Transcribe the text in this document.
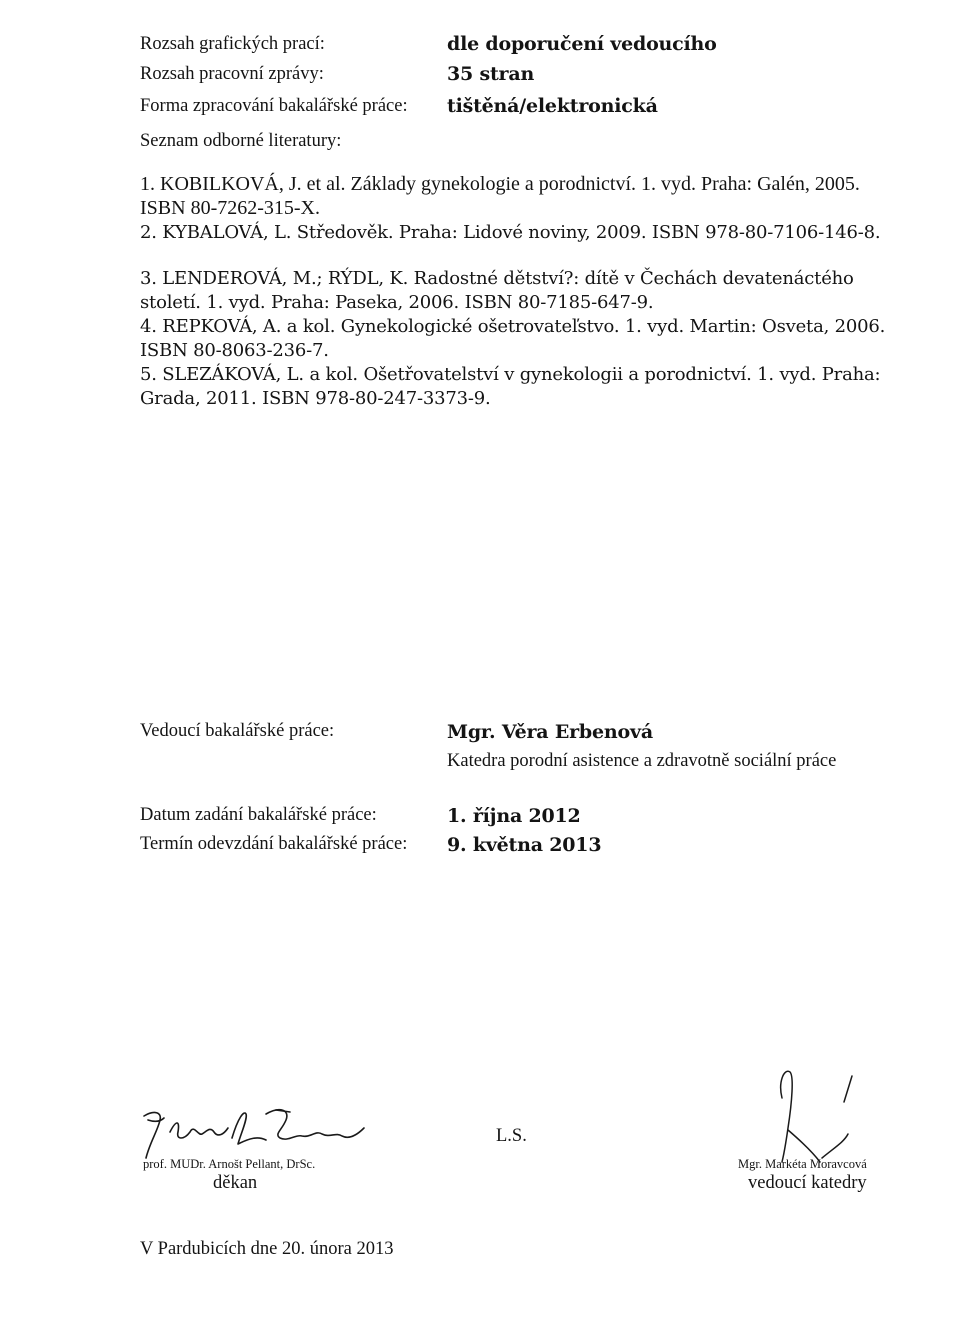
Rozsah grafických prací:	dle doporučení vedoucího
Rozsah pracovní zprávy:	35 stran
Forma zpracování bakalářské práce: tištěná/elektronická
Seznam odborné literatury:
1. KOBILKOVÁ, J. et al. Základy gynekologie a porodnictví. 1. vyd. Praha: Galén, 2005. ISBN 80-7262-315-X.
2. KYBALOVÁ, L. Středověk. Praha: Lidové noviny, 2009. ISBN 978-80-7106-146-8.
3. LENDEROVÁ, M.; RÝDL, K. Radostné dětství?: dítě v Čechách devatenáctého století. 1. vyd. Praha: Paseka, 2006. ISBN 80-7185-647-9.
4. REPKOVÁ, A. a kol. Gynekologické ošetrovateľstvo. 1. vyd. Martin: Osveta, 2006. ISBN 80-8063-236-7.
5. SLEZÁKOVÁ, L. a kol. Ošetřovatelství v gynekologii a porodnictví. 1. vyd. Praha: Grada, 2011. ISBN 978-80-247-3373-9.
Vedoucí bakalářské práce:	Mgr. Věra Erbenová
Katedra porodní asistence a zdravotně sociální práce
Datum zadání bakalářské práce:	1. října 2012
Termín odevzdání bakalářské práce: 9. května 2013
prof. MUDr. Arnošt Pellant, DrSc.
děkan
L.S.
Mgr. Markéta Moravcová
vedoucí katedry
V Pardubicích dne 20. února 2013
